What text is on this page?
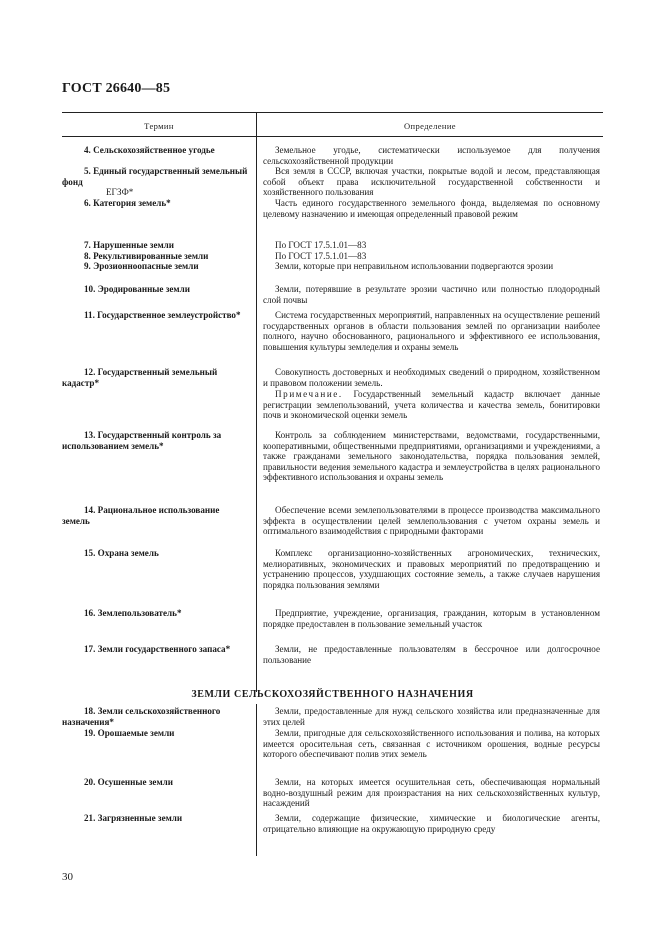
ГОСТ 26640—85
Термин	Определение
4. Сельскохозяйственное угодье
5. Единый государственный земельный фонд
ЕГЗФ*
6. Категория земель*
7. Нарушенные земли
8. Рекультивированные земли
9. Эрозионноопасные земли
10. Эродированные земли
11. Государственное землеустройство*
12. Государственный земельный кадастр*
13. Государственный контроль за использованием земель*
14. Рациональное использование земель
15. Охрана земель
16. Землепользователь*
17. Земли государственного запаса*
Земельное угодье, систематически используемое для получения сельскохозяйственной продукции
Вся земля в СССР, включая участки, покрытые водой и лесом, представляющая собой объект права исключительной государственной собственности и хозяйственного пользования
Часть единого государственного земельного фонда, выделяемая по основному целевому назначению и имеющая определенный правовой режим
По ГОСТ 17.5.1.01—83
По ГОСТ 17.5.1.01—83
Земли, которые при неправильном использовании подвергаются эрозии
Земли, потерявшие в результате эрозии частично или полностью плодородный слой почвы
Система государственных мероприятий, направленных на осуществление решений государственных органов в области пользования землей по организации наиболее полного, научно обоснованного, рационального и эффективного ее использования, повышения культуры земледелия и охраны земель
Совокупность достоверных и необходимых сведений о природном, хозяйственном и правовом положении земель.
Примечание. Государственный земельный кадастр включает данные регистрации землепользований, учета количества и качества земель, бонитировки почв и экономической оценки земель
Контроль за соблюдением министерствами, ведомствами, государственными, кооперативными, общественными предприятиями, организациями и учреждениями, а также гражданами земельного законодательства, порядка пользования землей, правильности ведения земельного кадастра и землеустройства в целях рационального эффективного использования и охраны земель
Обеспечение всеми землепользователями в процессе производства максимального эффекта в осуществлении целей землепользования с учетом охраны земель и оптимального взаимодействия с природными факторами
Комплекс организационно-хозяйственных агрономических, технических, мелиоративных, экономических и правовых мероприятий по предотвращению и устранению процессов, ухудшающих состояние земель, а также случаев нарушения порядка пользования землями
Предприятие, учреждение, организация, гражданин, которым в установленном порядке предоставлен в пользование земельный участок
Земли, не предоставленные пользователям в бессрочное или долгосрочное пользование
ЗЕМЛИ СЕЛЬСКОХОЗЯЙСТВЕННОГО НАЗНАЧЕНИЯ
18. Земли сельскохозяйственного назначения*
19. Орошаемые земли
20. Осушенные земли
21. Загрязненные земли
Земли, предоставленные для нужд сельского хозяйства или предназначенные для этих целей
Земли, пригодные для сельскохозяйственного использования и полива, на которых имеется оросительная сеть, связанная с источником орошения, водные ресурсы которого обеспечивают полив этих земель
Земли, на которых имеется осушительная сеть, обеспечивающая нормальный водно-воздушный режим для произрастания на них сельскохозяйственных культур, насаждений
Земли, содержащие физические, химические и биологические агенты, отрицательно влияющие на окружающую природную среду
30
